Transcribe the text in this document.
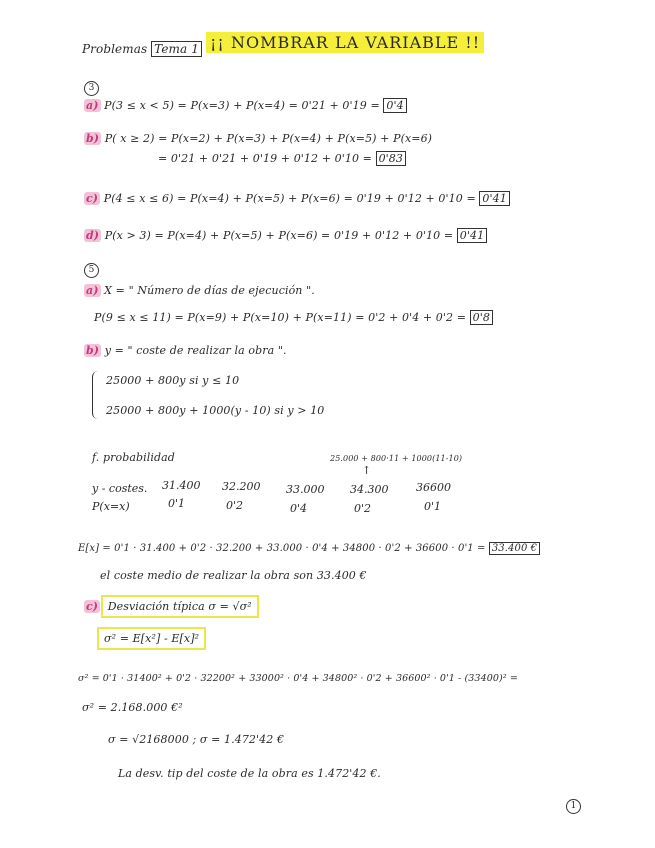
Problemas Tema 1 ¡¡ NOMBRAR LA VARIABLE !!
3
a) P(3 ≤ x < 5) = P(x=3) + P(x=4) = 0'21 + 0'19 = 0'4
b) P( x ≥ 2) = P(x=2) + P(x=3) + P(x=4) + P(x=5) + P(x=6)
= 0'21 + 0'21 + 0'19 + 0'12 + 0'10 = 0'83
c) P(4 ≤ x ≤ 6) = P(x=4) + P(x=5) + P(x=6) = 0'19 + 0'12 + 0'10 = 0'41
d) P(x > 3) = P(x=4) + P(x=5) + P(x=6) = 0'19 + 0'12 + 0'10 = 0'41
5
a) X = " Número de días de ejecución ".
P(9 ≤ x ≤ 11) = P(x=9) + P(x=10) + P(x=11) = 0'2 + 0'4 + 0'2 = 0'8
b) y = " coste de realizar la obra ".
25000 + 800y si y ≤ 10
25000 + 800y + 1000(y - 10) si y > 10
f. probabilidad	25.000 + 800·11 + 1000(11-10)
↑
y - costes. 31.400 32.200 33.000 34.300	36600
P(x=x)	0'1	0'2	0'4	0'2	0'1
E[x] = 0'1 · 31.400 + 0'2 · 32.200 + 33.000 · 0'4 + 34800 · 0'2 + 36600 · 0'1 = 33.400 €
el coste medio de realizar la obra son 33.400 €
c) Desviación típica σ = √σ²
σ² = E[x²] - E[x]²
σ² = 0'1 · 31400² + 0'2 · 32200² + 33000² · 0'4 + 34800² · 0'2 + 36600² · 0'1 - (33400)² =
σ² = 2.168.000 €²
σ = √2168000 ; σ = 1.472'42 €
La desv. tip del coste de la obra es 1.472'42 €.
1
